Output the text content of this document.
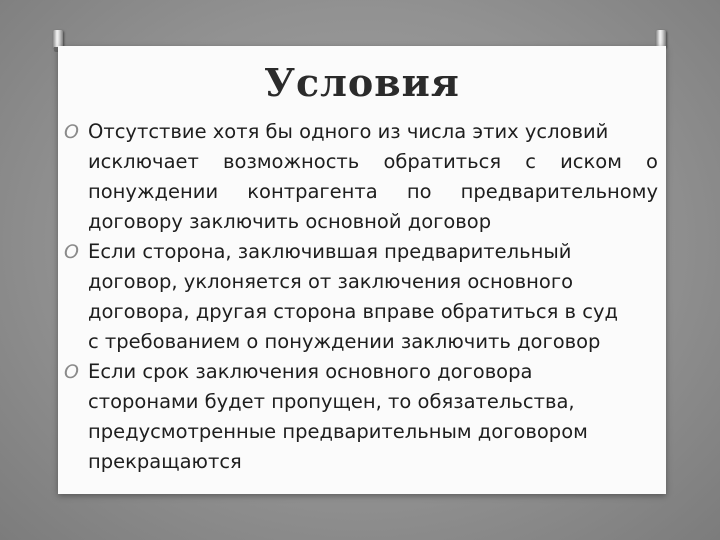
Условия
O Отсутствие хотя бы одного из числа этих условий
исключает возможность обратиться с иском о
понуждении контрагента по предварительному
договору заключить основной договор
O Если сторона, заключившая предварительный
договор, уклоняется от заключения основного
договора, другая сторона вправе обратиться в суд
с требованием о понуждении заключить договор
O Если срок заключения основного договора
сторонами будет пропущен, то обязательства,
предусмотренные предварительным договором
прекращаются
